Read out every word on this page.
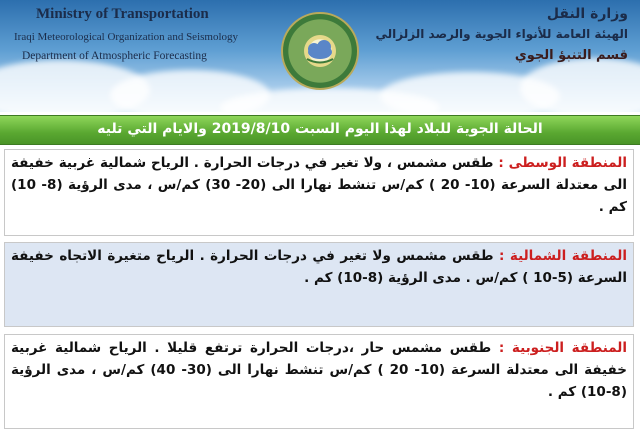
Ministry of Transportation
Iraqi Meteorological Organization and Seismology
Department of Atmospheric Forecasting
وزارة النقل
الهيئة العامة للأنواء الجوية والرصد الزلزالي
قسم التنبؤ الجوي
الحالة الجوية للبلاد لهذا اليوم السبت 2019/8/10 والايام التي تليه
المنطقة الوسطى : طقس مشمس ، ولا تغير في درجات الحرارة . الرياح شمالية غربية خفيفة الى معتدلة السرعة (10- 20 ) كم/س تنشط نهارا الى (20- 30) كم/س ، مدى الرؤية (8- 10) كم .
المنطقة الشمالية : طقس مشمس ولا تغير في درجات الحرارة . الرياح متغيرة الاتجاه خفيفة السرعة (5-10 ) كم/س . مدى الرؤية (8-10) كم .
المنطقة الجنوبية : طقس مشمس حار ،درجات الحرارة ترتفع قليلا . الرياح شمالية غربية خفيفة الى معتدلة السرعة (10- 20 ) كم/س تنشط نهارا الى (30- 40) كم/س ، مدى الرؤية (8-10) كم .
